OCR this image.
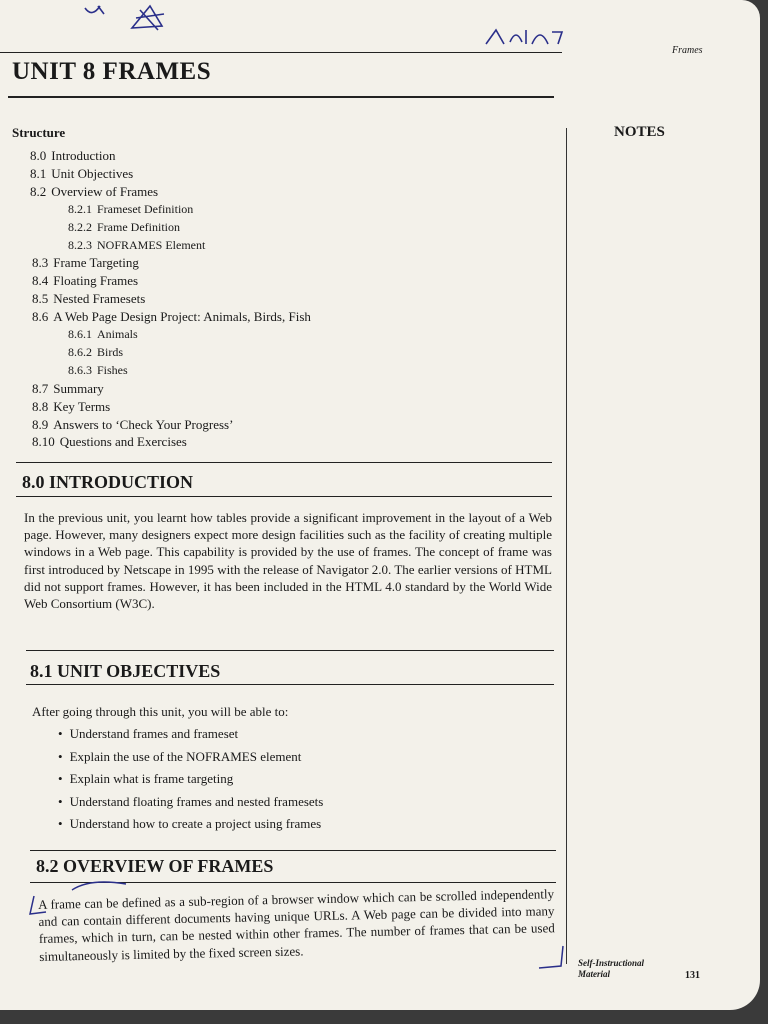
Frames
UNIT 8 FRAMES
NOTES
Structure
8.0 Introduction
8.1 Unit Objectives
8.2 Overview of Frames
8.2.1 Frameset Definition
8.2.2 Frame Definition
8.2.3 NOFRAMES Element
8.3 Frame Targeting
8.4 Floating Frames
8.5 Nested Framesets
8.6 A Web Page Design Project: Animals, Birds, Fish
8.6.1 Animals
8.6.2 Birds
8.6.3 Fishes
8.7 Summary
8.8 Key Terms
8.9 Answers to ‘Check Your Progress’
8.10 Questions and Exercises
8.0 INTRODUCTION
In the previous unit, you learnt how tables provide a significant improvement in the layout of a Web page. However, many designers expect more design facilities such as the facility of creating multiple windows in a Web page. This capability is provided by the use of frames. The concept of frame was first introduced by Netscape in 1995 with the release of Navigator 2.0. The earlier versions of HTML did not support frames. However, it has been included in the HTML 4.0 standard by the World Wide Web Consortium (W3C).
8.1 UNIT OBJECTIVES
After going through this unit, you will be able to:
• Understand frames and frameset
• Explain the use of the NOFRAMES element
• Explain what is frame targeting
• Understand floating frames and nested framesets
• Understand how to create a project using frames
8.2 OVERVIEW OF FRAMES
A frame can be defined as a sub-region of a browser window which can be scrolled independently and can contain different documents having unique URLs. A Web page can be divided into many frames, which in turn, can be nested within other frames. The number of frames that can be used simultaneously is limited by the fixed screen sizes.	Self-Instructional
Material	131
